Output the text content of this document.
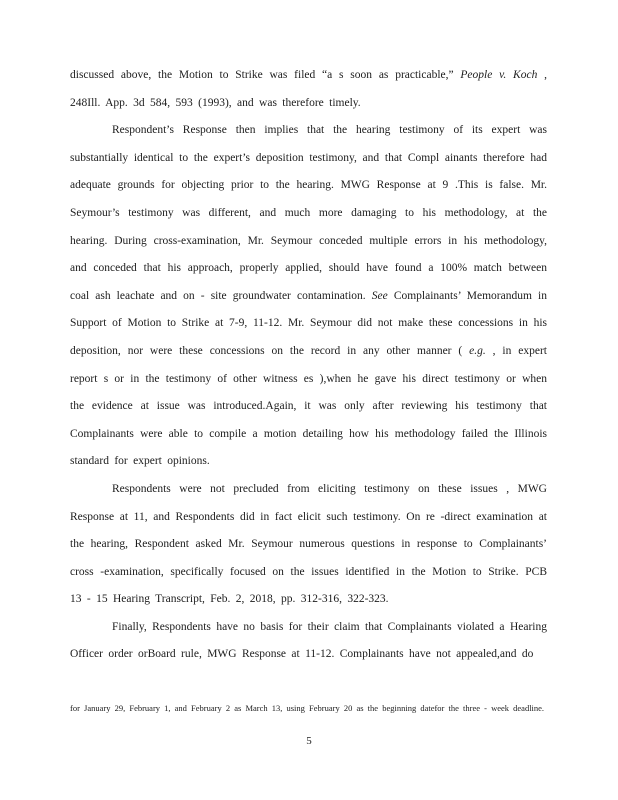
discussed above, the Motion to Strike was filed “a s soon as practicable,” People v. Koch , 248Ill. App. 3d 584, 593 (1993), and was therefore timely.

Respondent’s Response then implies that the hearing testimony of its expert was substantially identical to the expert’s deposition testimony, and that Compl ainants therefore had adequate grounds for objecting prior to the hearing. MWG Response at 9 .This is false. Mr. Seymour’s testimony was different, and much more damaging to his methodology, at the hearing. During cross-examination, Mr. Seymour conceded multiple errors in his methodology, and conceded that his approach, properly applied, should have found a 100% match between coal ash leachate and on - site groundwater contamination. See Complainants’ Memorandum in Support of Motion to Strike at 7-9, 11-12. Mr. Seymour did not make these concessions in his deposition, nor were these concessions on the record in any other manner ( e.g. , in expert report s or in the testimony of other witness es ),when he gave his direct testimony or when the evidence at issue was introduced.Again, it was only after reviewing his testimony that Complainants were able to compile a motion detailing how his methodology failed the Illinois standard for expert opinions.

Respondents were not precluded from eliciting testimony on these issues , MWG Response at 11, and Respondents did in fact elicit such testimony. On re -direct examination at the hearing, Respondent asked Mr. Seymour numerous questions in response to Complainants’ cross -examination, specifically focused on the issues identified in the Motion to Strike. PCB 13 - 15 Hearing Transcript, Feb. 2, 2018, pp. 312-316, 322-323.

Finally, Respondents have no basis for their claim that Complainants violated a Hearing Officer order orBoard rule, MWG Response at 11-12. Complainants have not appealed,and do

for January 29, February 1, and February 2 as March 13, using February 20 as the beginning datefor the three - week deadline.
5
